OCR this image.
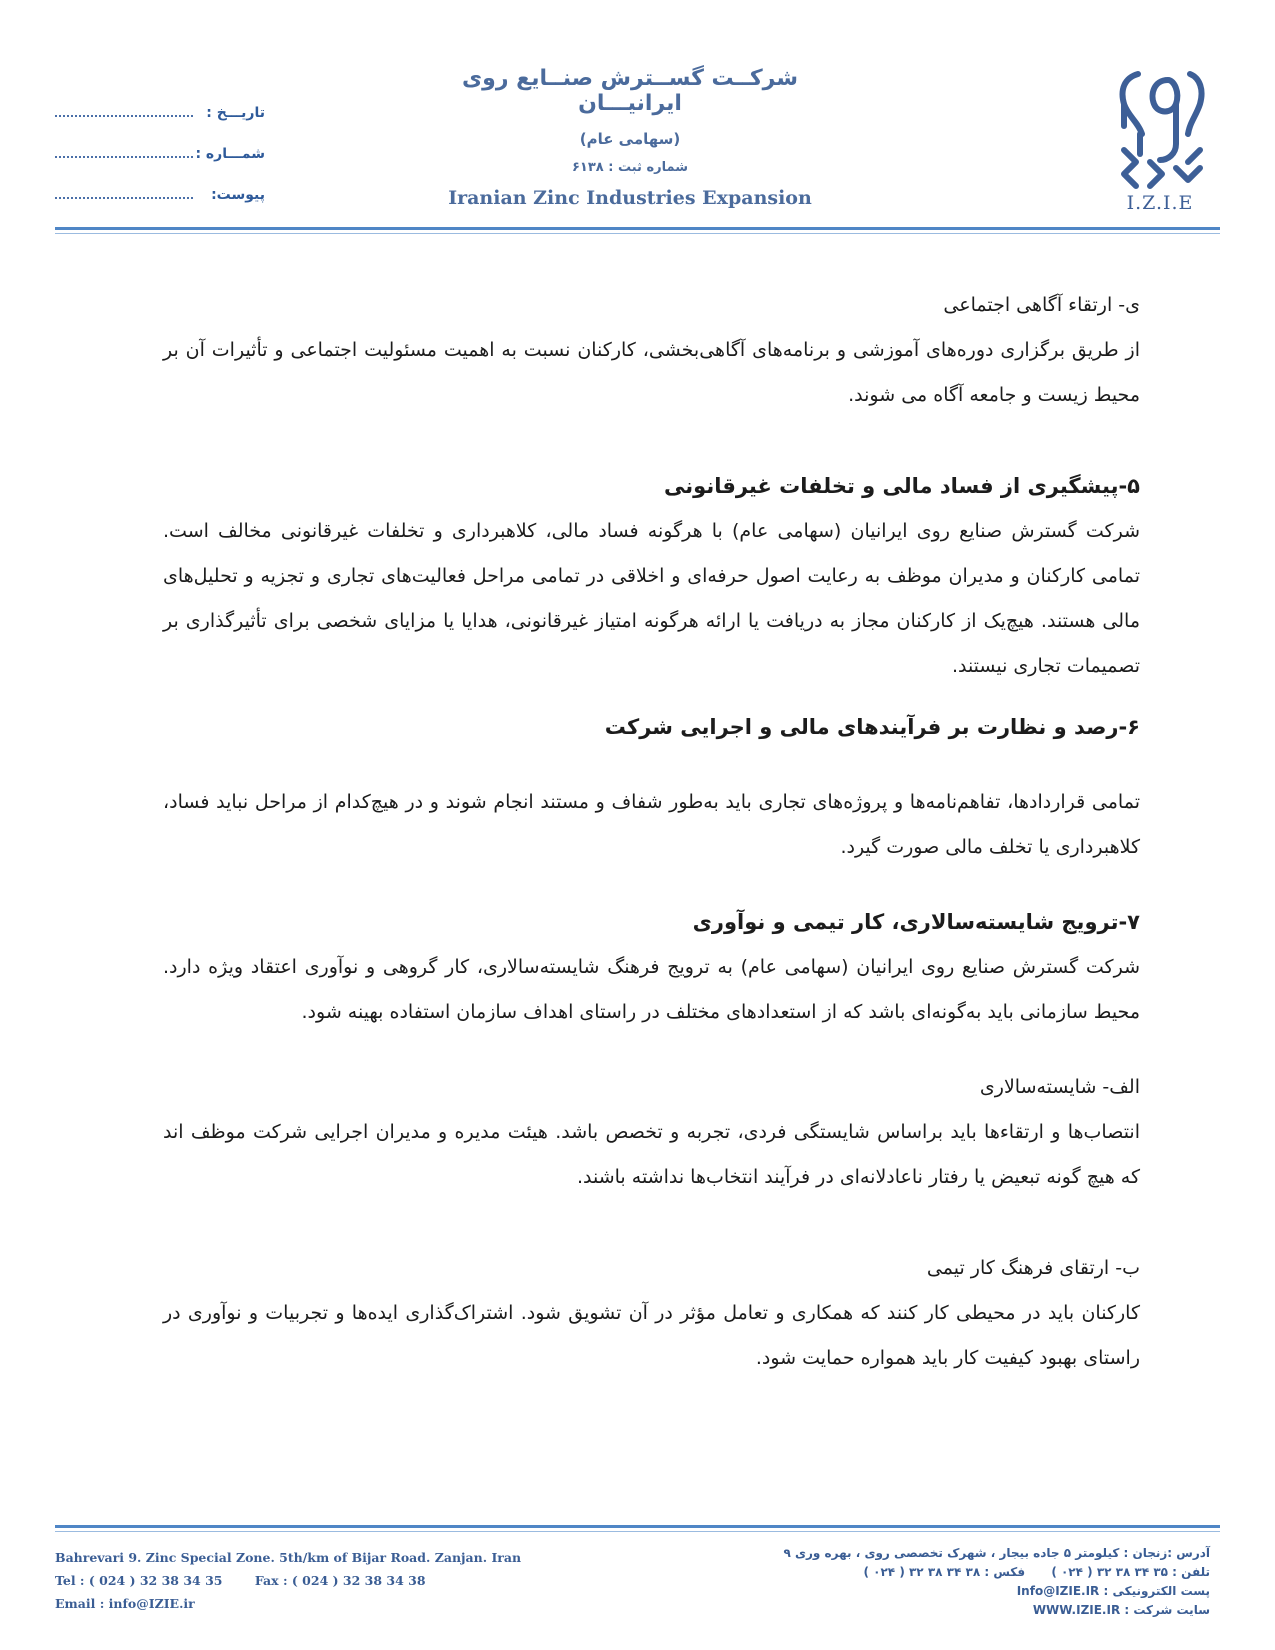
تاریـــخ :
شمـــاره :
پیوست:
شرکــت گســترش صنــایع روی ایرانیـــان
(سهامی عام)
شماره ثبت : ۶۱۳۸
Iranian Zinc Industries Expansion	I.Z.I.E

ی- ارتقاء آگاهی اجتماعی

از طریق برگزاری دوره‌های آموزشی و برنامه‌های آگاهی‌بخشی، کارکنان نسبت به اهمیت مسئولیت اجتماعی و تأثیرات آن بر محیط زیست و جامعه آگاه می شوند.

۵-پیشگیری از فساد مالی و تخلفات غیرقانونی

شرکت گسترش صنایع روی ایرانیان (سهامی عام) با هرگونه فساد مالی، کلاهبرداری و تخلفات غیرقانونی مخالف است. تمامی کارکنان و مدیران موظف به رعایت اصول حرفه‌ای و اخلاقی در تمامی مراحل فعالیت‌های تجاری و تجزیه و تحلیل‌های مالی هستند. هیچ‌یک از کارکنان مجاز به دریافت یا ارائه هرگونه امتیاز غیرقانونی، هدایا یا مزایای شخصی برای تأثیرگذاری بر تصمیمات تجاری نیستند.

۶-رصد و نظارت بر فرآیندهای مالی و اجرایی شرکت

تمامی قراردادها، تفاهم‌نامه‌ها و پروژه‌های تجاری باید به‌طور شفاف و مستند انجام شوند و در هیچ‌کدام از مراحل نباید فساد، کلاهبرداری یا تخلف مالی صورت گیرد.

۷-ترویج شایسته‌سالاری، کار تیمی و نوآوری

شرکت گسترش صنایع روی ایرانیان (سهامی عام) به ترویج فرهنگ شایسته‌سالاری، کار گروهی و نوآوری اعتقاد ویژه دارد. محیط سازمانی باید به‌گونه‌ای باشد که از استعدادهای مختلف در راستای اهداف سازمان استفاده بهینه شود.

الف- شایسته‌سالاری

انتصاب‌ها و ارتقاءها باید براساس شایستگی فردی، تجربه و تخصص باشد. هیئت مدیره و مدیران اجرایی شرکت موظف اند که هیچ گونه تبعیض یا رفتار ناعادلانه‌ای در فرآیند انتخاب‌ها نداشته باشند.

ب- ارتقای فرهنگ کار تیمی

کارکنان باید در محیطی کار کنند که همکاری و تعامل مؤثر در آن تشویق شود. اشتراک‌گذاری ایده‌ها و تجربیات و نوآوری در راستای بهبود کیفیت کار باید همواره حمایت شود.

Bahrevari 9. Zinc Special Zone. 5th/km of Bijar Road. Zanjan. Iran
Tel : ( 024 ) 32 38 34 35	Fax : ( 024 ) 32 38 34 38
Email : info@IZIE.ir
آدرس :زنجان : کیلومتر ۵ جاده بیجار ، شهرک تخصصی روی ، بهره وری ۹
تلفن : ۳۵ ۳۴ ۳۸ ۳۲ ( ۰۲۴ ) فکس : ۳۸ ۳۴ ۳۸ ۳۲ ( ۰۲۴ )
پست الکترونیکی : Info@IZIE.IR
سایت شرکت : WWW.IZIE.IR
